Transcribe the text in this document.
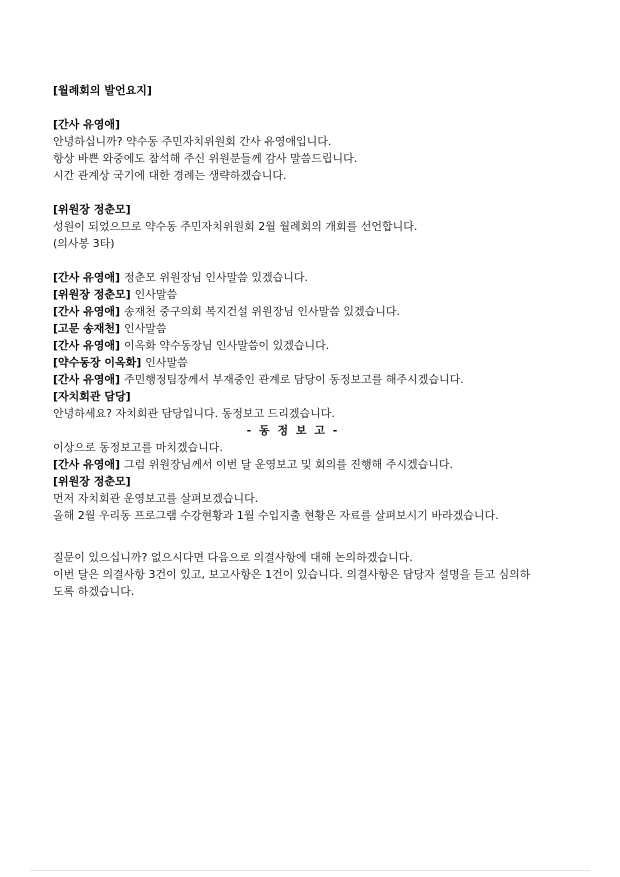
[월례회의 발언요지]

[간사 유영애]

안녕하십니까? 약수동 주민자치위원회 간사 유영애입니다.

항상 바쁜 와중에도 참석해 주신 위원분들께 감사 말씀드립니다.

시간 관계상 국기에 대한 경례는 생략하겠습니다.

[위원장 정춘모]

성원이 되었으므로 약수동 주민자치위원회 2월 월례회의 개회를 선언합니다.

(의사봉 3타)

[간사 유영애] 정춘모 위원장님 인사말씀 있겠습니다.

[위원장 정춘모] 인사말씀

[간사 유영애] 송재천 중구의회 복지건설 위원장님 인사말씀 있겠습니다.

[고문 송재천] 인사말씀

[간사 유영애] 이옥화 약수동장님 인사말씀이 있겠습니다.

[약수동장 이옥화] 인사말씀

[간사 유영애] 주민행정팀장께서 부재중인 관계로 담당이 동정보고를 해주시겠습니다.

[자치회관 담당]

안녕하세요? 자치회관 담당입니다. 동정보고 드리겠습니다.

- 동 정 보 고 -

이상으로 동정보고를 마치겠습니다.

[간사 유영애] 그럼 위원장님께서 이번 달 운영보고 및 회의를 진행해 주시겠습니다.

[위원장 정춘모]

먼저 자치회관 운영보고를 살펴보겠습니다.

올해 2월 우리동 프로그램 수강현황과 1월 수입지출 현황은 자료를 살펴보시기 바라겠습니다.

질문이 있으십니까? 없으시다면 다음으로 의결사항에 대해 논의하겠습니다.

이번 달은 의결사항 3건이 있고, 보고사항은 1건이 있습니다. 의결사항은 담당자 설명을 듣고 심의하도록 하겠습니다.
